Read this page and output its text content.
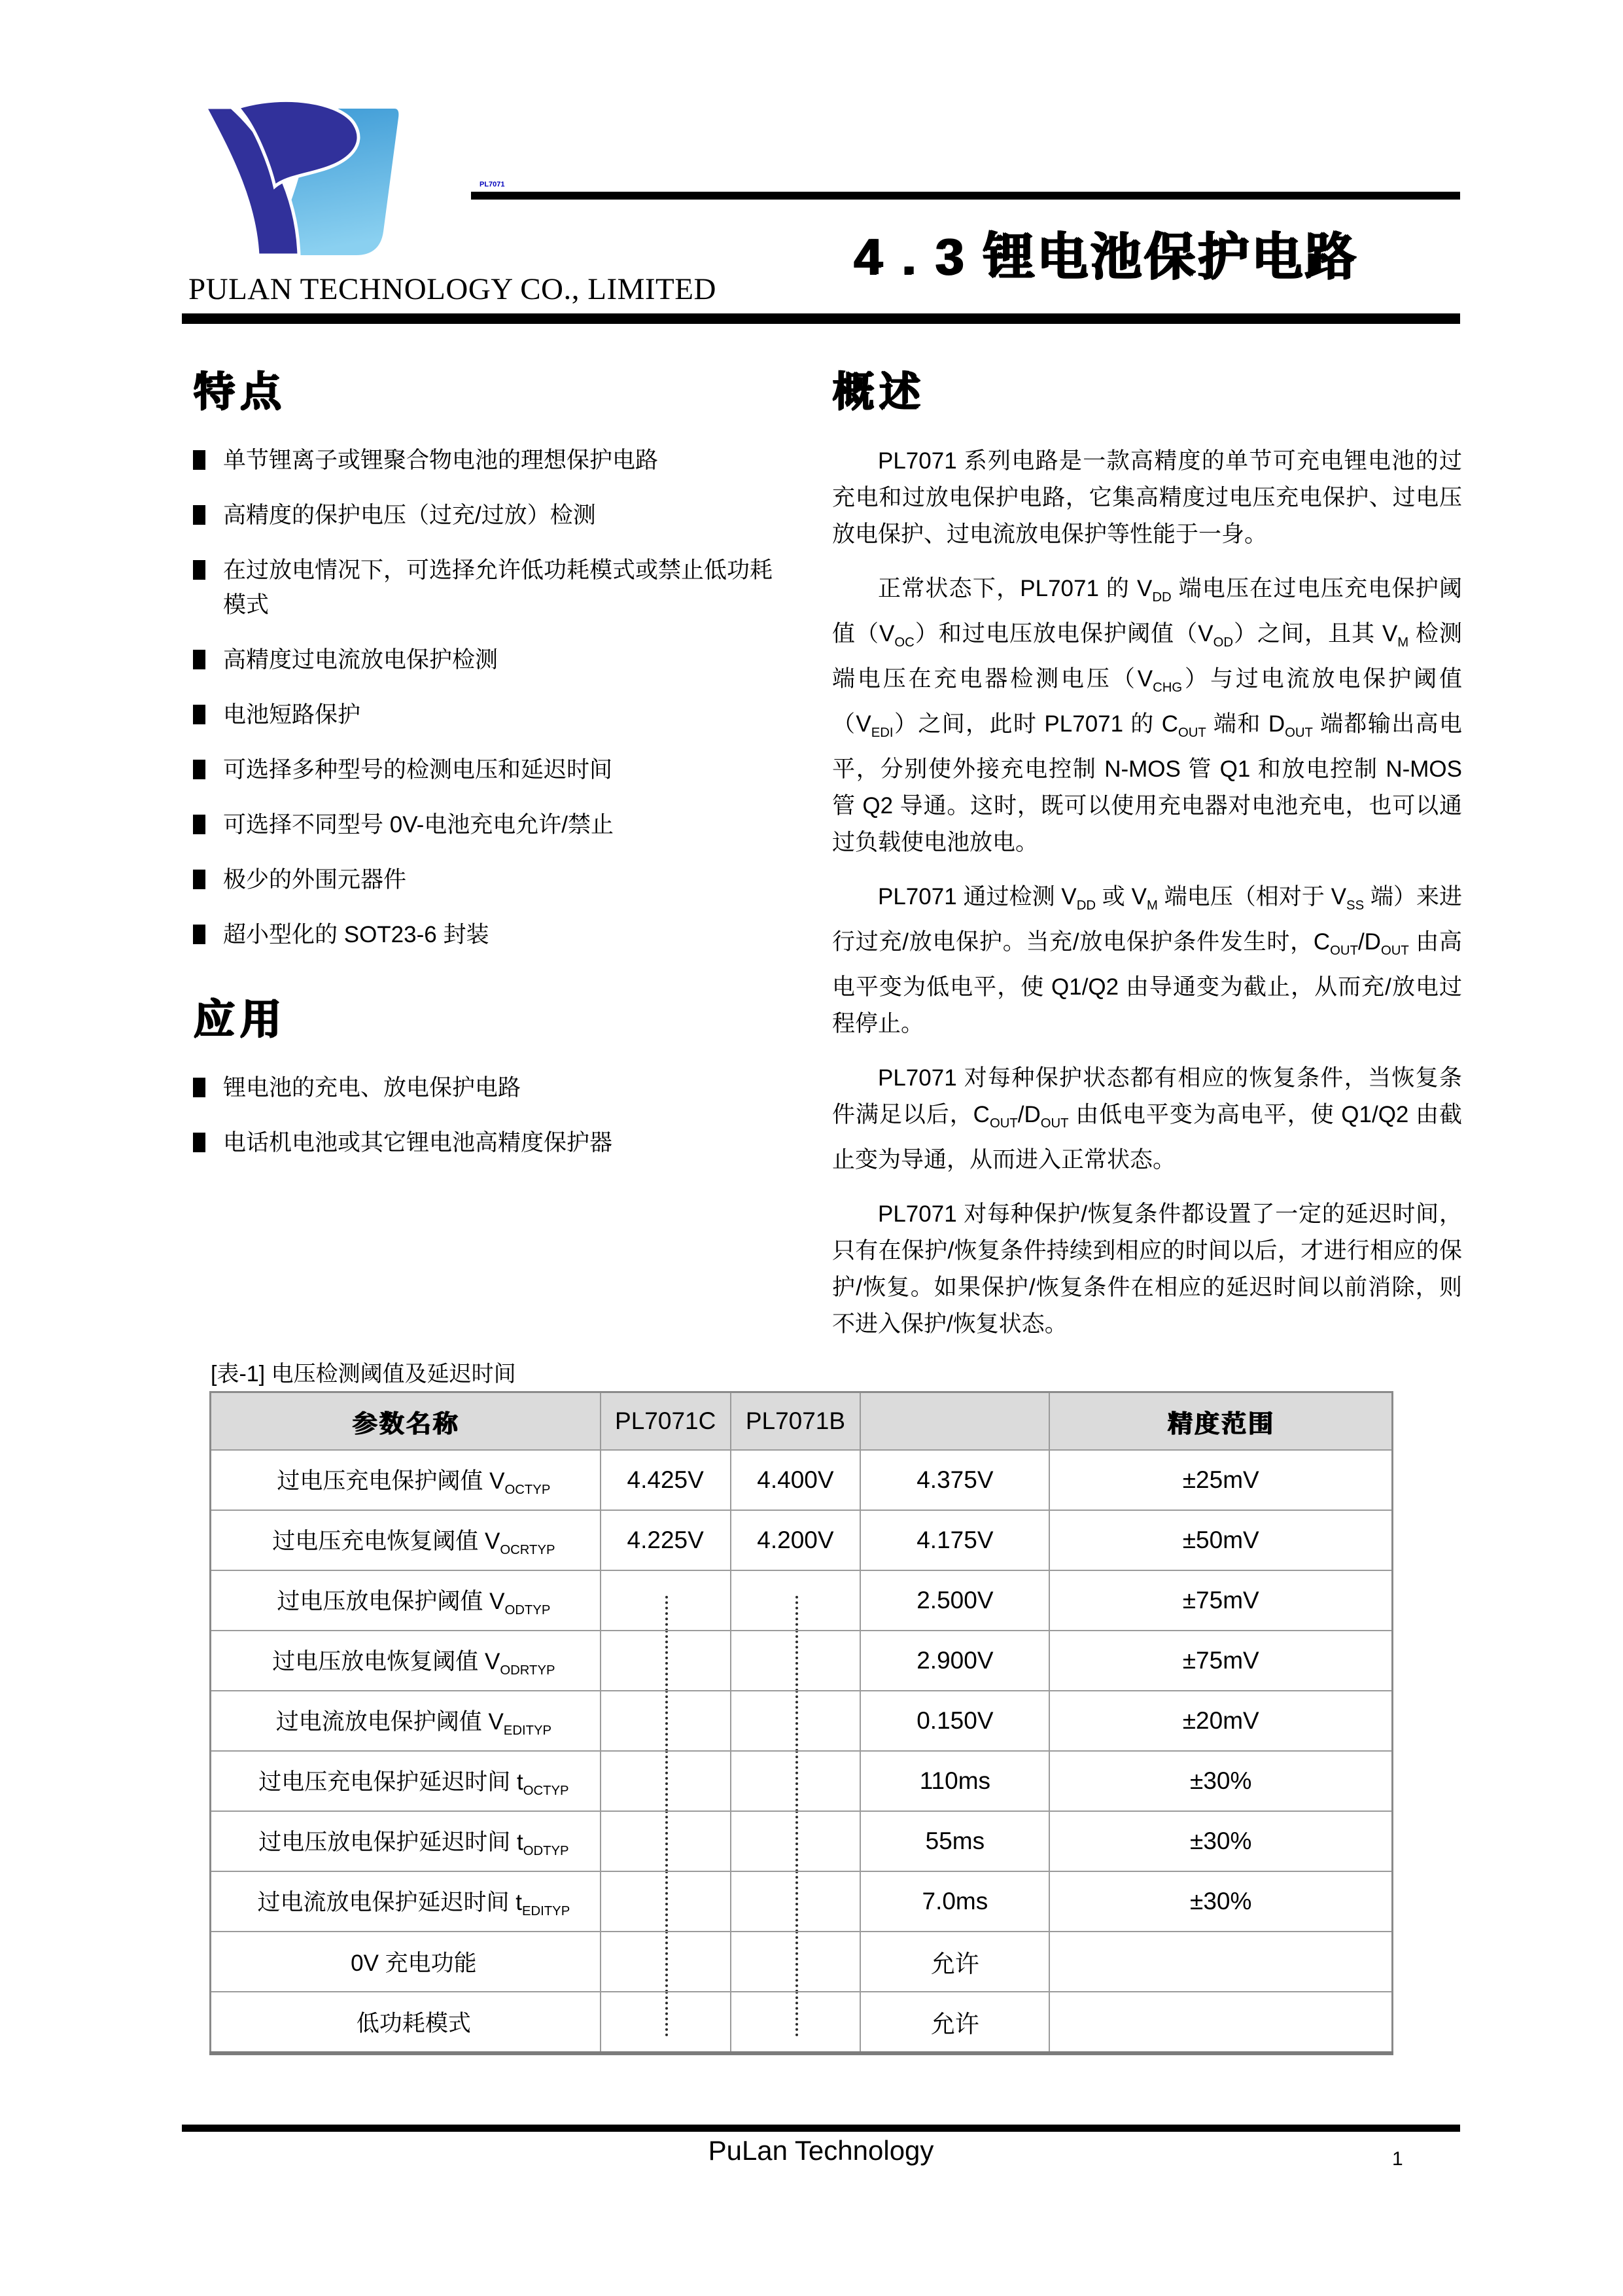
PL7071
4 . 3 锂电池保护电路
PULAN TECHNOLOGY CO., LIMITED
特点
单节锂离子或锂聚合物电池的理想保护电路
高精度的保护电压（过充/过放）检测
在过放电情况下，可选择允许低功耗模式或禁止低功耗模式
高精度过电流放电保护检测
电池短路保护
可选择多种型号的检测电压和延迟时间
可选择不同型号 0V-电池充电允许/禁止
极少的外围元器件
超小型化的 SOT23-6 封装
应用
锂电池的充电、放电保护电路
电话机电池或其它锂电池高精度保护器
概述

PL7071 系列电路是一款高精度的单节可充电锂电池的过充电和过放电保护电路，它集高精度过电压充电保护、过电压放电保护、过电流放电保护等性能于一身。

正常状态下，PL7071 的 $V_{DD}$ 端电压在过电压充电保护阈值$(V_{OC})$和过电压放电保护阈值$(V_{OD})$之间，且其 $V_M$ 检测端电压在充电器检测电压$(V_{CHG})$与过电流放电保护阈值$(V_{EDI})$之间，此时 PL7071 的 $C_{OUT}$ 端和 $D_{OUT}$ 端都输出高电平，分别使外接充电控制 N-MOS 管 Q1 和放电控制 N-MOS 管 Q2 导通。这时，既可以使用充电器对电池充电，也可以通过负载使电池放电。

PL7071 通过检测 $V_{DD}$ 或 $V_M$ 端电压（相对于 $V_{SS}$ 端）来进行过充/放电保护。当充/放电保护条件发生时，$C_{OUT}/D_{OUT}$ 由高电平变为低电平，使 Q1/Q2 由导通变为截止，从而充/放电过程停止。

PL7071 对每种保护状态都有相应的恢复条件，当恢复条件满足以后，$C_{OUT}/D_{OUT}$ 由低电平变为高电平，使 Q1/Q2 由截止变为导通，从而进入正常状态。

PL7071 对每种保护/恢复条件都设置了一定的延迟时间，只有在保护/恢复条件持续到相应的时间以后，才进行相应的保护/恢复。如果保护/恢复条件在相应的延迟时间以前消除，则不进入保护/恢复状态。

[表-1] 电压检测阈值及延迟时间
参数名称	PL7071C	PL7071B		精度范围
过电压充电保护阈值 $V_{OCTYP}$	4.425V	4.400V	4.375V	±25mV
过电压充电恢复阈值 $V_{OCRTYP}$	4.225V	4.200V	4.175V	±50mV
过电压放电保护阈值 $V_{ODTYP}$			2.500V	±75mV
过电压放电恢复阈值 $V_{ODRTYP}$			2.900V	±75mV
过电流放电保护阈值 $V_{EDITYP}$			0.150V	±20mV
过电压充电保护延迟时间 $t_{OCTYP}$			110ms	±30%
过电压放电保护延迟时间 $t_{ODTYP}$			55ms	±30%
过电流放电保护延迟时间 $t_{EDITYP}$			7.0ms	±30%
0V 充电功能			允许	
低功耗模式			允许	
PuLan Technology	1
